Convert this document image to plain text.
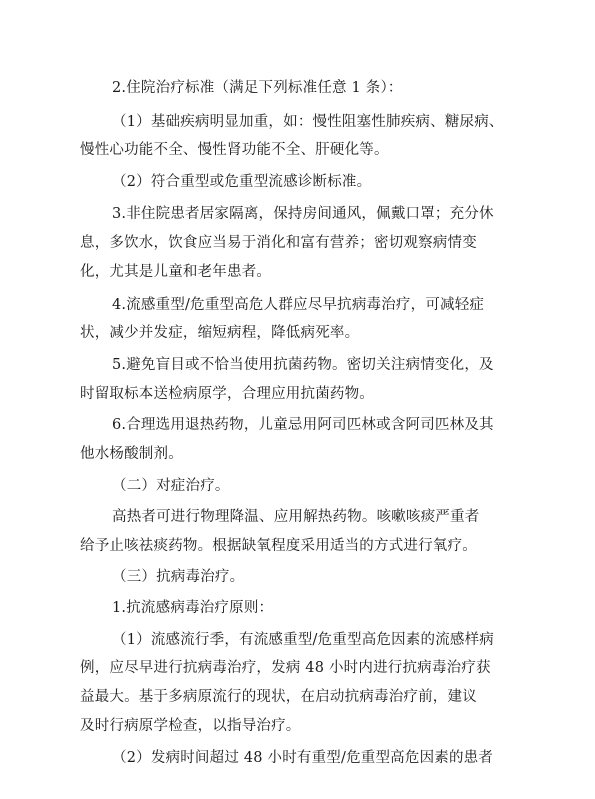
2.住院治疗标准（满足下列标准任意 1 条）：
（1）基础疾病明显加重，如：慢性阻塞性肺疾病、糖尿病、
慢性心功能不全、慢性肾功能不全、肝硬化等。
（2）符合重型或危重型流感诊断标准。
3.非住院患者居家隔离，保持房间通风，佩戴口罩；充分休
息，多饮水，饮食应当易于消化和富有营养；密切观察病情变
化，尤其是儿童和老年患者。
4.流感重型/危重型高危人群应尽早抗病毒治疗，可减轻症
状，减少并发症，缩短病程，降低病死率。
5.避免盲目或不恰当使用抗菌药物。密切关注病情变化，及
时留取标本送检病原学，合理应用抗菌药物。
6.合理选用退热药物，儿童忌用阿司匹林或含阿司匹林及其
他水杨酸制剂。
（二）对症治疗。
高热者可进行物理降温、应用解热药物。咳嗽咳痰严重者
给予止咳祛痰药物。根据缺氧程度采用适当的方式进行氧疗。
（三）抗病毒治疗。
1.抗流感病毒治疗原则：
（1）流感流行季，有流感重型/危重型高危因素的流感样病
例，应尽早进行抗病毒治疗，发病 48 小时内进行抗病毒治疗获
益最大。基于多病原流行的现状，在启动抗病毒治疗前，建议
及时行病原学检查，以指导治疗。
（2）发病时间超过 48 小时有重型/危重型高危因素的患者
